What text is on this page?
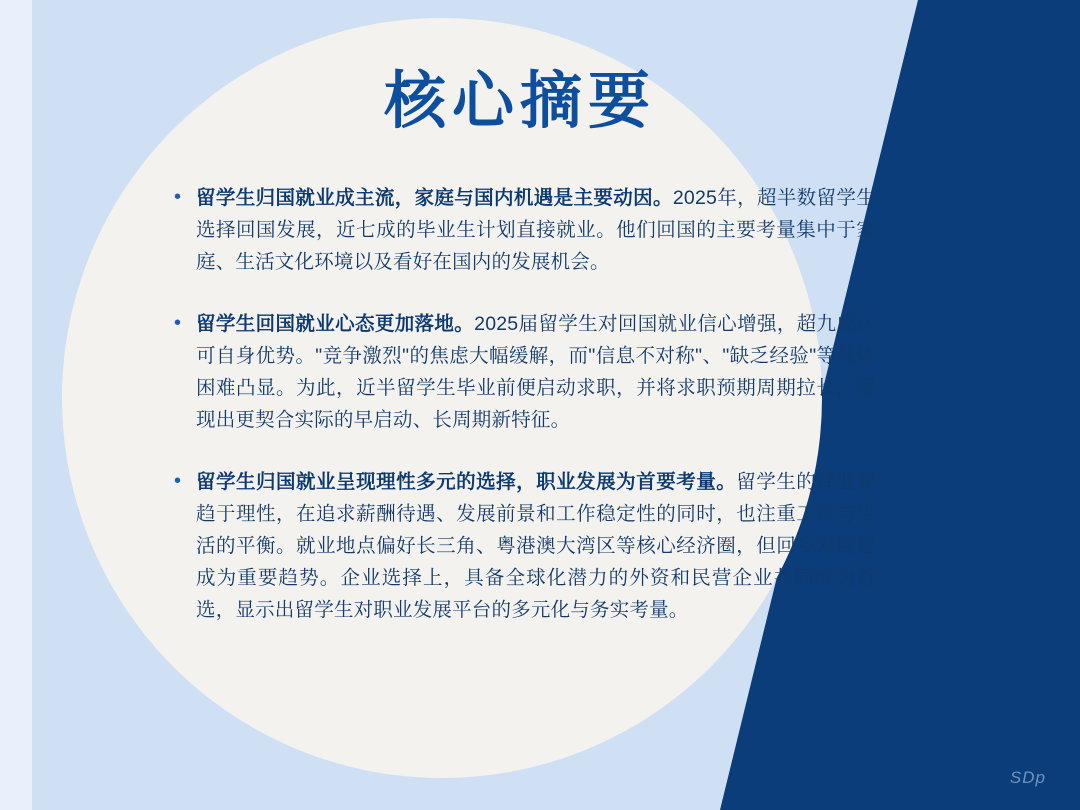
核心摘要
• 留学生归国就业成主流，家庭与国内机遇是主要动因。2025年，超半数留学生选择回国发展，近七成的毕业生计划直接就业。他们回国的主要考量集中于家庭、生活文化环境以及看好在国内的发展机会。
• 留学生回国就业心态更加落地。2025届留学生对回国就业信心增强，超九成认可自身优势。"竞争激烈"的焦虑大幅缓解，而"信息不对称"、"缺乏经验"等具体困难凸显。为此，近半留学生毕业前便启动求职，并将求职预期周期拉长，展现出更契合实际的早启动、长周期新特征。
• 留学生归国就业呈现理性多元的选择，职业发展为首要考量。留学生的择业观趋于理性，在追求薪酬待遇、发展前景和工作稳定性的同时，也注重工作与生活的平衡。就业地点偏好长三角、粤港澳大湾区等核心经济圈，但回乡发展也成为重要趋势。企业选择上，具备全球化潜力的外资和民营企业共同成为首选，显示出留学生对职业发展平台的多元化与务实考量。
SDp
